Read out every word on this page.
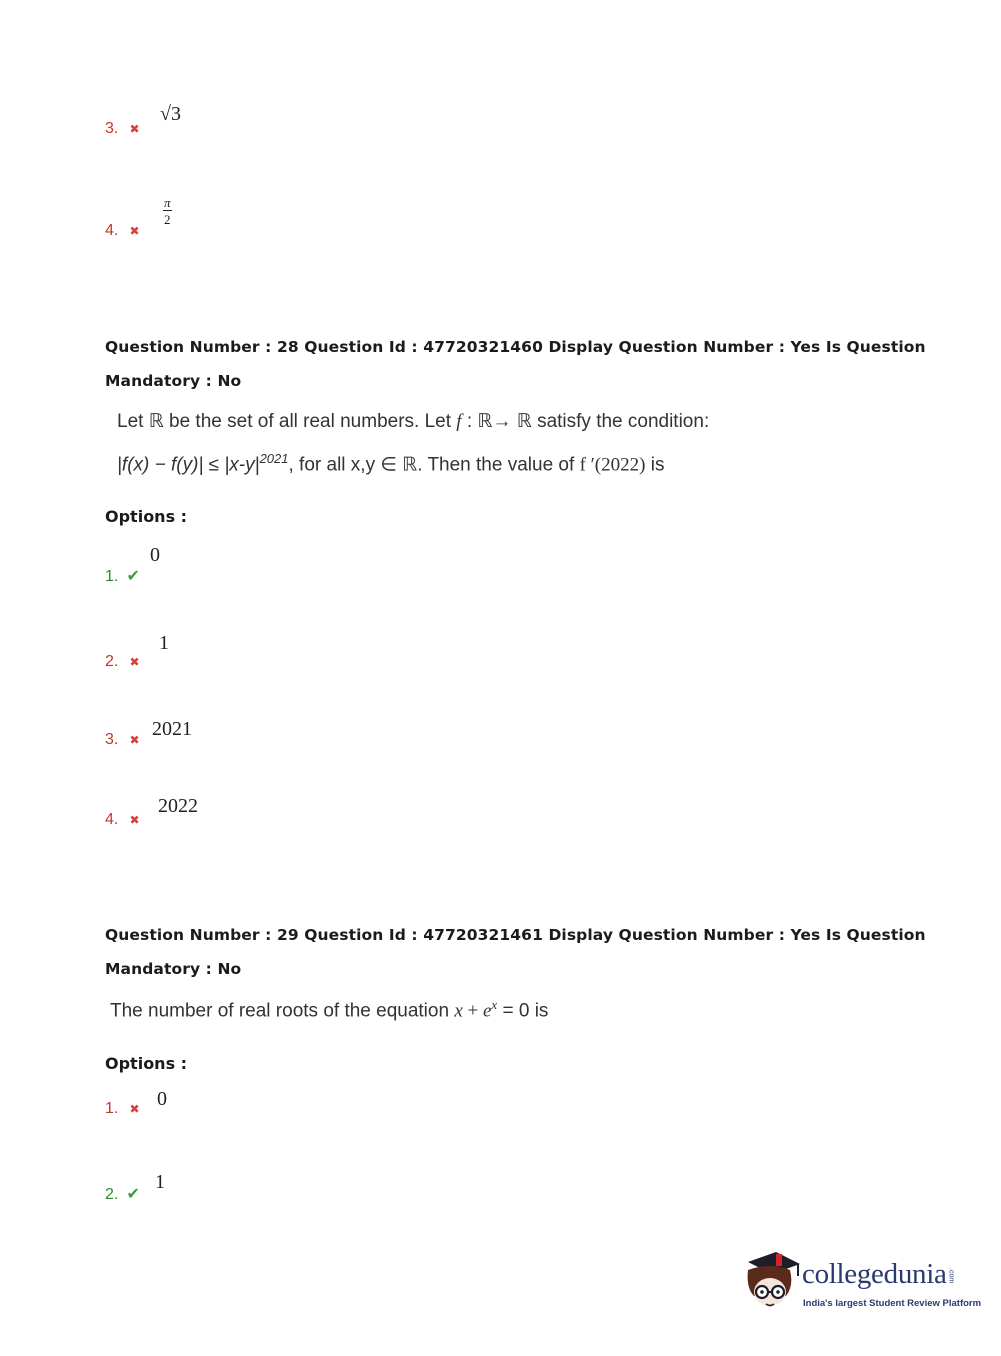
3. ✖
√3
4. ✖
$\frac{\pi}{2}$
Question Number : 28 Question Id : 47720321460 Display Question Number : Yes Is Question
Mandatory : No
Let ℝ be the set of all real numbers. Let f : ℝ→ ℝ satisfy the condition:
$|f(x) - f(y)| \le |x-y|^{2021}$, for all x,y ∈ ℝ. Then the value of f ′(2022) is
Options :
1. ✔
0
2. ✖
1
3. ✖ 2021
4. ✖
2022
Question Number : 29 Question Id : 47720321461 Display Question Number : Yes Is Question
Mandatory : No
The number of real roots of the equation $x + e^x = 0$ is
Options :
1. ✖ 0
2. ✔
1
collegedunia.com
India's largest Student Review Platform
